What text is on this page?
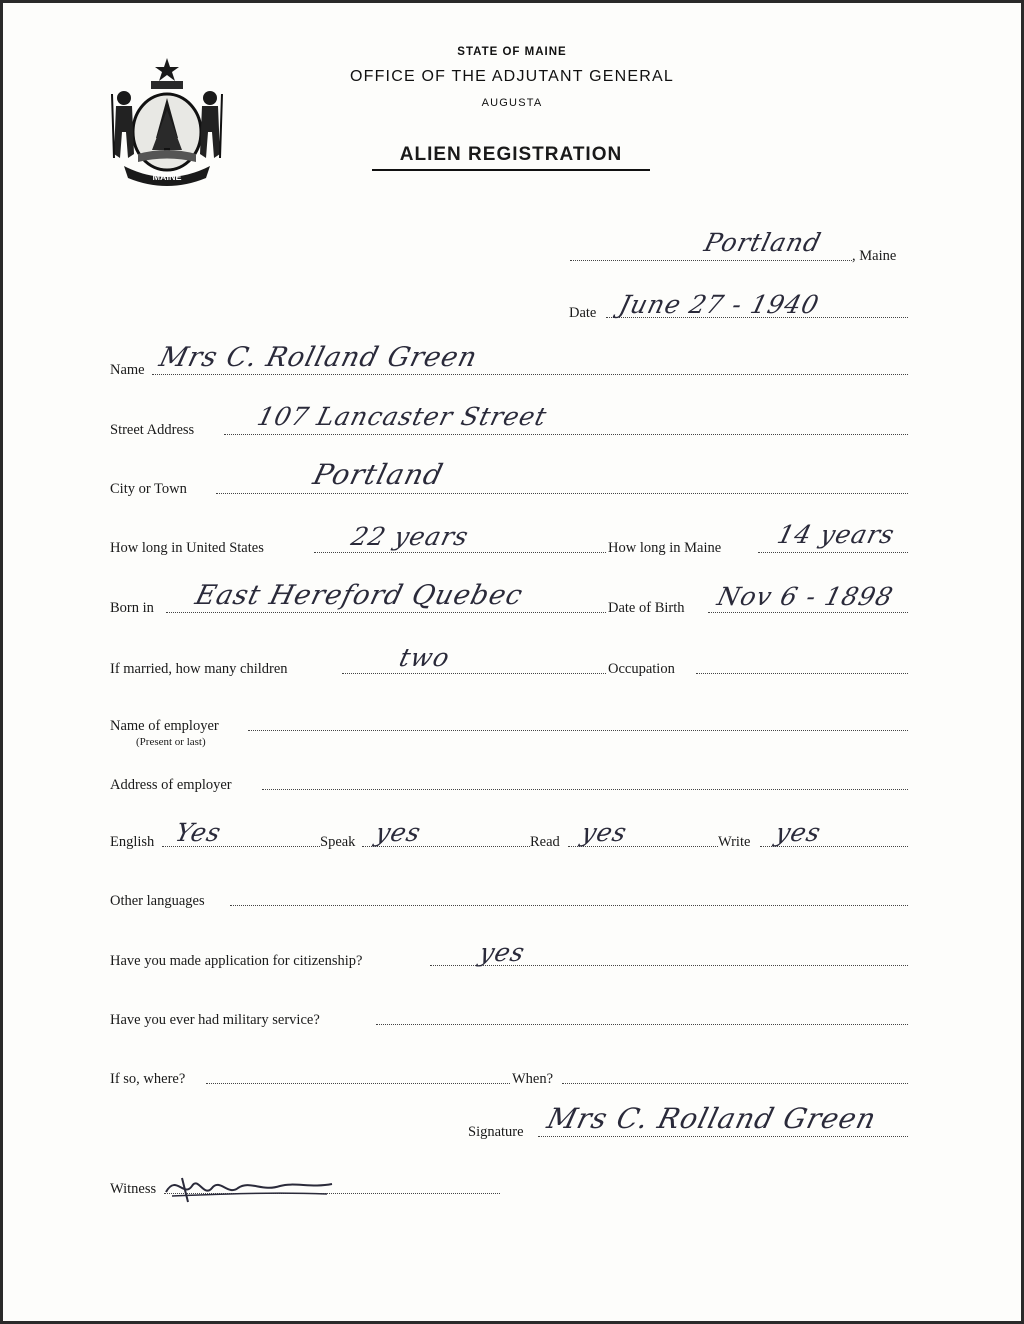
MAINE
STATE OF MAINE
OFFICE OF THE ADJUTANT GENERAL
AUGUSTA
ALIEN REGISTRATION
Portland , Maine
Date June 27 - 1940
Name Mrs C. Rolland Green
Street Address 107 Lancaster Street
City or Town	Portland
How long in United States	22 years	How long in Maine 14 years
Born in East Hereford Quebec	Date of Birth Nov 6 - 1898
If married, how many children	two	Occupation
Name of employer
(Present or last)
Address of employer
English Yes	Speak yes	Read yes	Write yes
Other languages
Have you made application for citizenship?	yes
Have you ever had military service?
If so, where?	When?
Signature Mrs C. Rolland Green
Witness
